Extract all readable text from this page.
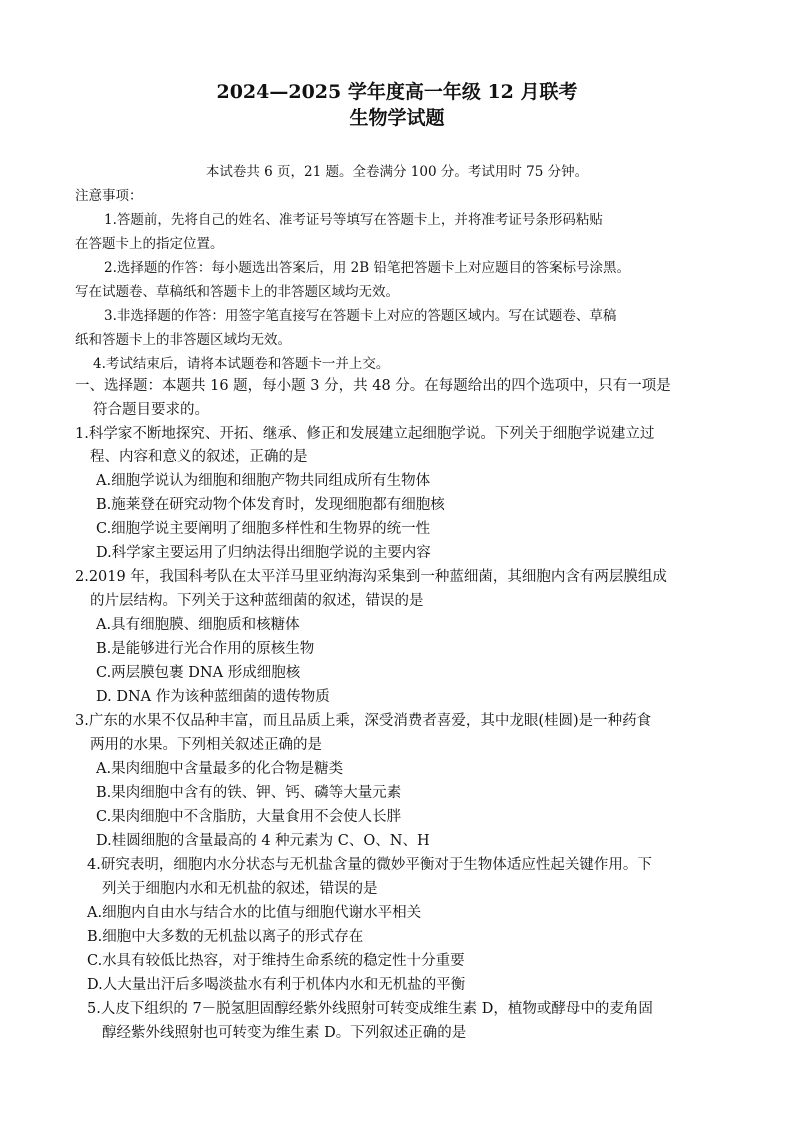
2024—2025 学年度高一年级 12 月联考
生物学试题
本试卷共 6 页，21 题。全卷满分 100 分。考试用时 75 分钟。
注意事项：
1.答题前，先将自己的姓名、准考证号等填写在答题卡上，并将准考证号条形码粘贴
在答题卡上的指定位置。
2.选择题的作答：每小题选出答案后，用 2B 铅笔把答题卡上对应题目的答案标号涂黑。
写在试题卷、草稿纸和答题卡上的非答题区域均无效。
3.非选择题的作答：用签字笔直接写在答题卡上对应的答题区域内。写在试题卷、草稿
纸和答题卡上的非答题区域均无效。
4.考试结束后，请将本试题卷和答题卡一并上交。
一、选择题：本题共 16 题，每小题 3 分，共 48 分。在每题给出的四个选项中，只有一项是
符合题目要求的。
1.科学家不断地探究、开拓、继承、修正和发展建立起细胞学说。下列关于细胞学说建立过
程、内容和意义的叙述，正确的是
A.细胞学说认为细胞和细胞产物共同组成所有生物体
B.施莱登在研究动物个体发育时，发现细胞都有细胞核
C.细胞学说主要阐明了细胞多样性和生物界的统一性
D.科学家主要运用了归纳法得出细胞学说的主要内容
2.2019 年，我国科考队在太平洋马里亚纳海沟采集到一种蓝细菌，其细胞内含有两层膜组成
的片层结构。下列关于这种蓝细菌的叙述，错误的是
A.具有细胞膜、细胞质和核糖体
B.是能够进行光合作用的原核生物
C.两层膜包裹 DNA 形成细胞核
D. DNA 作为该种蓝细菌的遗传物质
3.广东的水果不仅品种丰富，而且品质上乘，深受消费者喜爱，其中龙眼(桂圆)是一种药食
两用的水果。下列相关叙述正确的是
A.果肉细胞中含量最多的化合物是糖类
B.果肉细胞中含有的铁、钾、钙、磷等大量元素
C.果肉细胞中不含脂肪，大量食用不会使人长胖
D.桂圆细胞的含量最高的 4 种元素为 C、O、N、H
4.研究表明，细胞内水分状态与无机盐含量的微妙平衡对于生物体适应性起关键作用。下
列关于细胞内水和无机盐的叙述，错误的是
A.细胞内自由水与结合水的比值与细胞代谢水平相关
B.细胞中大多数的无机盐以离子的形式存在
C.水具有较低比热容，对于维持生命系统的稳定性十分重要
D.人大量出汗后多喝淡盐水有利于机体内水和无机盐的平衡
5.人皮下组织的 7－脱氢胆固醇经紫外线照射可转变成维生素 D，植物或酵母中的麦角固
醇经紫外线照射也可转变为维生素 D。下列叙述正确的是
